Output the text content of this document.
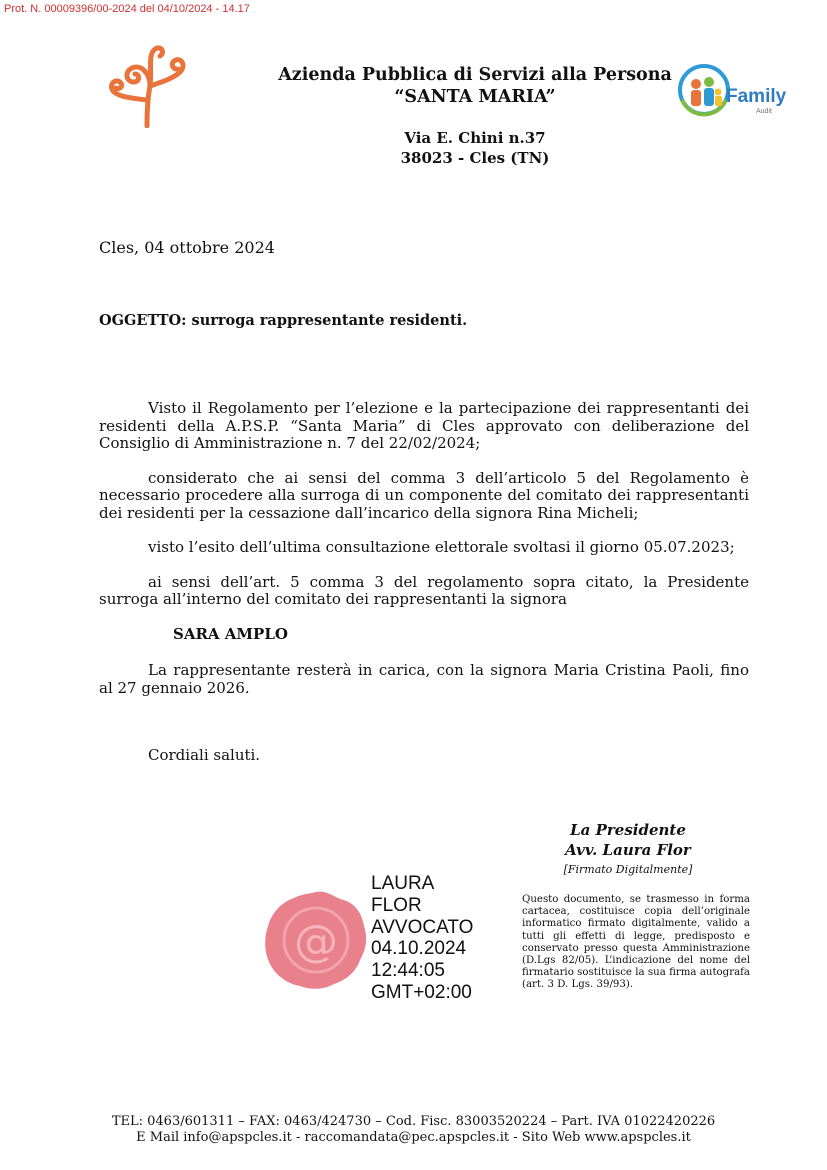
Prot. N. 00009396/00-2024 del 04/10/2024 - 14.17
Azienda Pubblica di Servizi alla Persona
“SANTA MARIA”	Family
Audit
Via E. Chini n.37
38023 - Cles (TN)
Cles, 04 ottobre 2024
OGGETTO: surroga rappresentante residenti.

Visto il Regolamento per l’elezione e la partecipazione dei rappresentanti dei residenti della A.P.S.P. “Santa Maria” di Cles approvato con deliberazione del Consiglio di Amministrazione n. 7 del 22/02/2024;

considerato che ai sensi del comma 3 dell’articolo 5 del Regolamento è necessario procedere alla surroga di un componente del comitato dei rappresentanti dei residenti per la cessazione dall’incarico della signora Rina Micheli;

visto l’esito dell’ultima consultazione elettorale svoltasi il giorno 05.07.2023;

ai sensi dell’art. 5 comma 3 del regolamento sopra citato, la Presidente surroga all’interno del comitato dei rappresentanti la signora

SARA AMPLO

La rappresentante resterà in carica, con la signora Maria Cristina Paoli, fino al 27 gennaio 2026.

Cordiali saluti.
La Presidente
Avv. Laura Flor
[Firmato Digitalmente]
@
LAURA
FLOR
AVVOCATO
04.10.2024
12:44:05
GMT+02:00
Questo documento, se trasmesso in forma cartacea, costituisce copia dell’originale informatico firmato digitalmente, valido a tutti gli effetti di legge, predisposto e conservato presso questa Amministrazione (D.Lgs 82/05). L’indicazione del nome del firmatario sostituisce la sua firma autografa (art. 3 D. Lgs. 39/93).
TEL: 0463/601311 – FAX: 0463/424730 – Cod. Fisc. 83003520224 – Part. IVA 01022420226
E Mail info@apspcles.it - raccomandata@pec.apspcles.it - Sito Web www.apspcles.it
